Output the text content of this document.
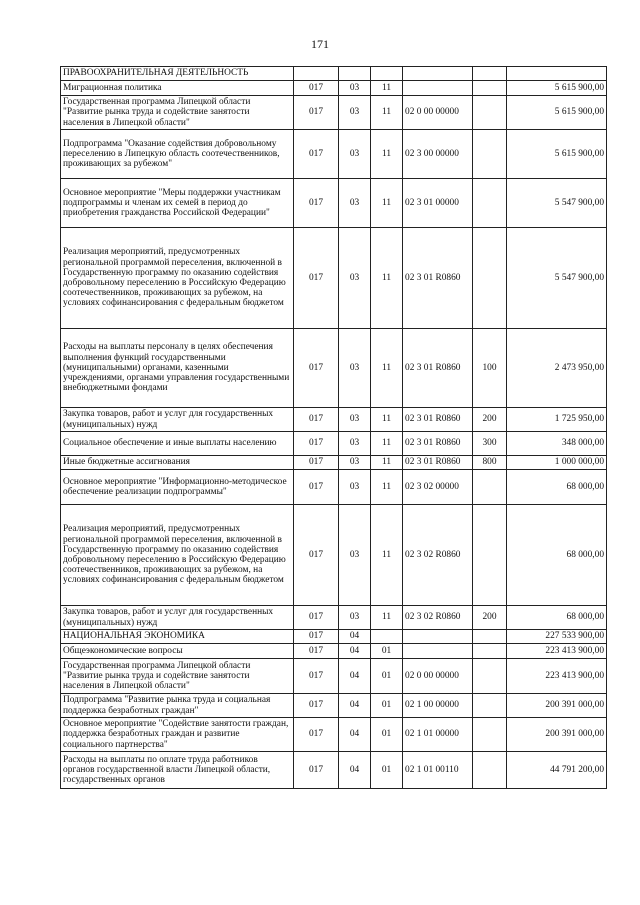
171
ПРАВООХРАНИТЕЛЬНАЯ ДЕЯТЕЛЬНОСТЬ						
Миграционная политика	017	03	11			5 615 900,00
Государственная программа Липецкой области "Развитие рынка труда и содействие занятости населения в Липецкой области"	017	03	11	02 0 00 00000		5 615 900,00
Подпрограмма "Оказание содействия добровольному переселению в Липецкую область соотечественников, проживающих за рубежом"	017	03	11	02 3 00 00000		5 615 900,00
Основное мероприятие "Меры поддержки участникам подпрограммы и членам их семей в период до приобретения гражданства Российской Федерации"	017	03	11	02 3 01 00000		5 547 900,00
Реализация мероприятий, предусмотренных региональной программой переселения, включенной в Государственную программу по оказанию содействия добровольному переселению в Российскую Федерацию соотечественников, проживающих за рубежом, на условиях софинансирования с федеральным бюджетом	017	03	11	02 3 01 R0860		5 547 900,00
Расходы на выплаты персоналу в целях обеспечения выполнения функций государственными (муниципальными) органами, казенными учреждениями, органами управления государственными внебюджетными фондами	017	03	11	02 3 01 R0860	100	2 473 950,00
Закупка товаров, работ и услуг для государственных (муниципальных) нужд	017	03	11	02 3 01 R0860	200	1 725 950,00
Социальное обеспечение и иные выплаты населению	017	03	11	02 3 01 R0860	300	348 000,00
Иные бюджетные ассигнования	017	03	11	02 3 01 R0860	800	1 000 000,00
Основное мероприятие "Информационно-методическое обеспечение реализации подпрограммы"	017	03	11	02 3 02 00000		68 000,00
Реализация мероприятий, предусмотренных региональной программой переселения, включенной в Государственную программу по оказанию содействия добровольному переселению в Российскую Федерацию соотечественников, проживающих за рубежом, на условиях софинансирования с федеральным бюджетом	017	03	11	02 3 02 R0860		68 000,00
Закупка товаров, работ и услуг для государственных (муниципальных) нужд	017	03	11	02 3 02 R0860	200	68 000,00
НАЦИОНАЛЬНАЯ ЭКОНОМИКА	017	04				227 533 900,00
Общеэкономические вопросы	017	04	01			223 413 900,00
Государственная программа Липецкой области "Развитие рынка труда и содействие занятости населения в Липецкой области"	017	04	01	02 0 00 00000		223 413 900,00
Подпрограмма "Развитие рынка труда и социальная поддержка безработных граждан"	017	04	01	02 1 00 00000		200 391 000,00
Основное мероприятие "Содействие занятости граждан, поддержка безработных граждан и развитие социального партнерства"	017	04	01	02 1 01 00000		200 391 000,00
Расходы на выплаты по оплате труда работников органов государственной власти Липецкой области, государственных органов	017	04	01	02 1 01 00110		44 791 200,00
